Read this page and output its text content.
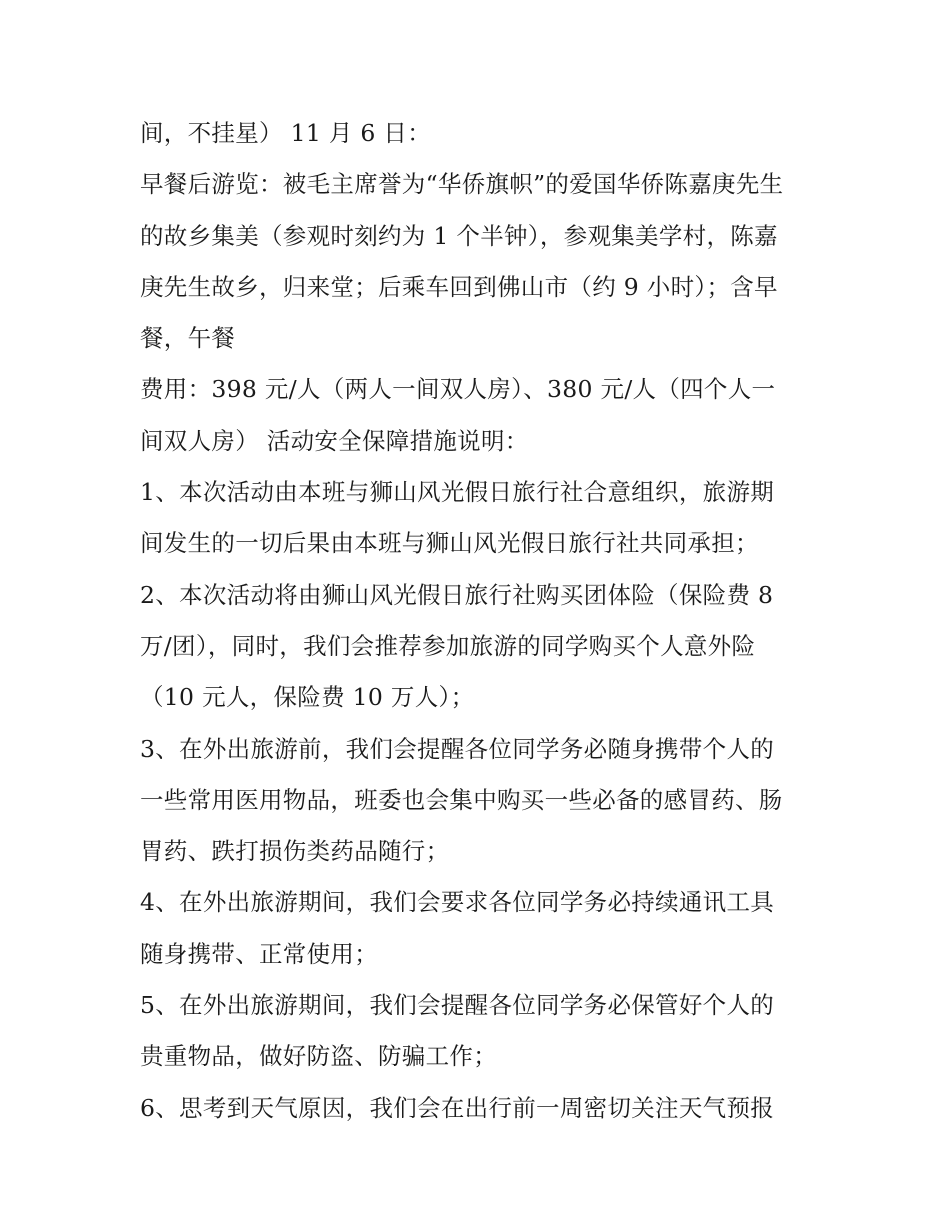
间，不挂星） 11 月 6 日：
早餐后游览：被毛主席誉为“华侨旗帜”的爱国华侨陈嘉庚先生
的故乡集美（参观时刻约为 1 个半钟），参观集美学村，陈嘉
庚先生故乡，归来堂；后乘车回到佛山市（约 9 小时）；含早
餐，午餐
费用：398 元/人（两人一间双人房）、380 元/人（四个人一
间双人房） 活动安全保障措施说明：
1、本次活动由本班与狮山风光假日旅行社合意组织，旅游期
间发生的一切后果由本班与狮山风光假日旅行社共同承担；
2、本次活动将由狮山风光假日旅行社购买团体险（保险费 8
万/团），同时，我们会推荐参加旅游的同学购买个人意外险
（10 元人，保险费 10 万人）；
3、在外出旅游前，我们会提醒各位同学务必随身携带个人的
一些常用医用物品，班委也会集中购买一些必备的感冒药、肠
胃药、跌打损伤类药品随行；
4、在外出旅游期间，我们会要求各位同学务必持续通讯工具
随身携带、正常使用；
5、在外出旅游期间，我们会提醒各位同学务必保管好个人的
贵重物品，做好防盗、防骗工作；
6、思考到天气原因，我们会在出行前一周密切关注天气预报
